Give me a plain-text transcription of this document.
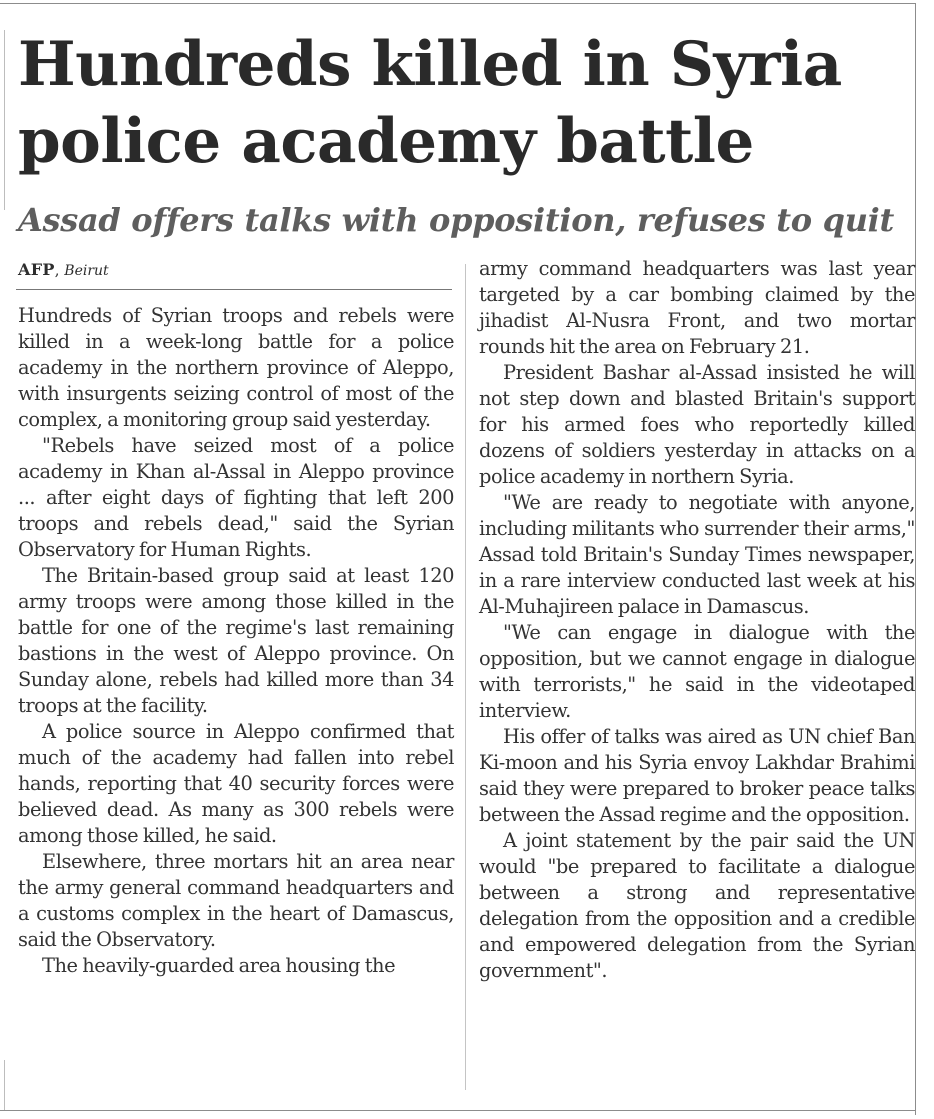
Hundreds killed in Syria
police academy battle
Assad offers talks with opposition, refuses to quit
AFP, Beirut

Hundreds of Syrian troops and rebels were killed in a week-long battle for a police academy in the northern province of Aleppo, with insurgents seizing control of most of the complex, a monitoring group said yesterday.

"Rebels have seized most of a police academy in Khan al-Assal in Aleppo province ... after eight days of fighting that left 200 troops and rebels dead," said the Syrian Observatory for Human Rights.

The Britain-based group said at least 120 army troops were among those killed in the battle for one of the regime's last remaining bastions in the west of Aleppo province. On Sunday alone, rebels had killed more than 34 troops at the facility.

A police source in Aleppo confirmed that much of the academy had fallen into rebel hands, reporting that 40 security forces were believed dead. As many as 300 rebels were among those killed, he said.

Elsewhere, three mortars hit an area near the army general command headquarters and a customs complex in the heart of Damascus, said the Observatory.

The heavily-guarded area housing the

army command headquarters was last year targeted by a car bombing claimed by the jihadist Al-Nusra Front, and two mortar rounds hit the area on February 21.

President Bashar al-Assad insisted he will not step down and blasted Britain's support for his armed foes who reportedly killed dozens of soldiers yesterday in attacks on a police academy in northern Syria.

"We are ready to negotiate with anyone, including militants who surrender their arms," Assad told Britain's Sunday Times newspaper, in a rare interview conducted last week at his Al-Muhajireen palace in Damascus.

"We can engage in dialogue with the opposition, but we cannot engage in dialogue with terrorists," he said in the videotaped interview.

His offer of talks was aired as UN chief Ban Ki-moon and his Syria envoy Lakhdar Brahimi said they were prepared to broker peace talks between the Assad regime and the opposition.

A joint statement by the pair said the UN would "be prepared to facilitate a dialogue between a strong and representative delegation from the opposition and a credible and empowered delegation from the Syrian government".
